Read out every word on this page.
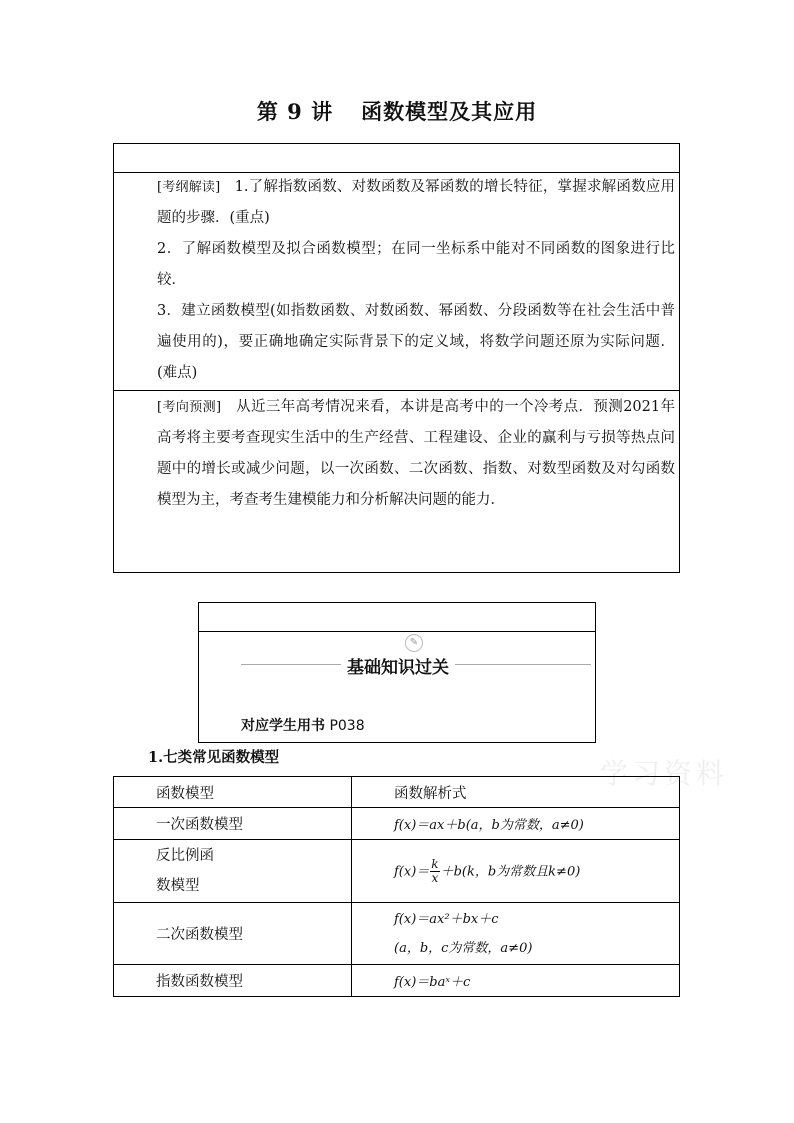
第 9 讲 函数模型及其应用
[考纲解读] 1.了解指数函数、对数函数及幂函数的增长特征，掌握求解函数应用题的步骤．(重点)
2．了解函数模型及拟合函数模型；在同一坐标系中能对不同函数的图象进行比较．
3．建立函数模型(如指数函数、对数函数、幂函数、分段函数等在社会生活中普遍使用的)，要正确地确定实际背景下的定义域，将数学问题还原为实际问题．(难点)
[考向预测] 从近三年高考情况来看，本讲是高考中的一个冷考点．预测2021年高考将主要考查现实生活中的生产经营、工程建设、企业的赢利与亏损等热点问题中的增长或减少问题，以一次函数、二次函数、指数、对数型函数及对勾函数模型为主，考查考生建模能力和分析解决问题的能力．
✎
基础知识过关
对应学生用书 P038
1.七类常见函数模型	学习资料
函数模型	函数解析式
一次函数模型	f(x)＝ax＋b(a，b为常数，a≠0)
反比例函
数模型	$f(x)= \frac{k}{x} +b(k$，b为常数且k≠0)
二次函数模型	f(x)＝ax²＋bx＋c
(a，b，c为常数，a≠0)
指数函数模型	f(x)＝baˣ＋c
